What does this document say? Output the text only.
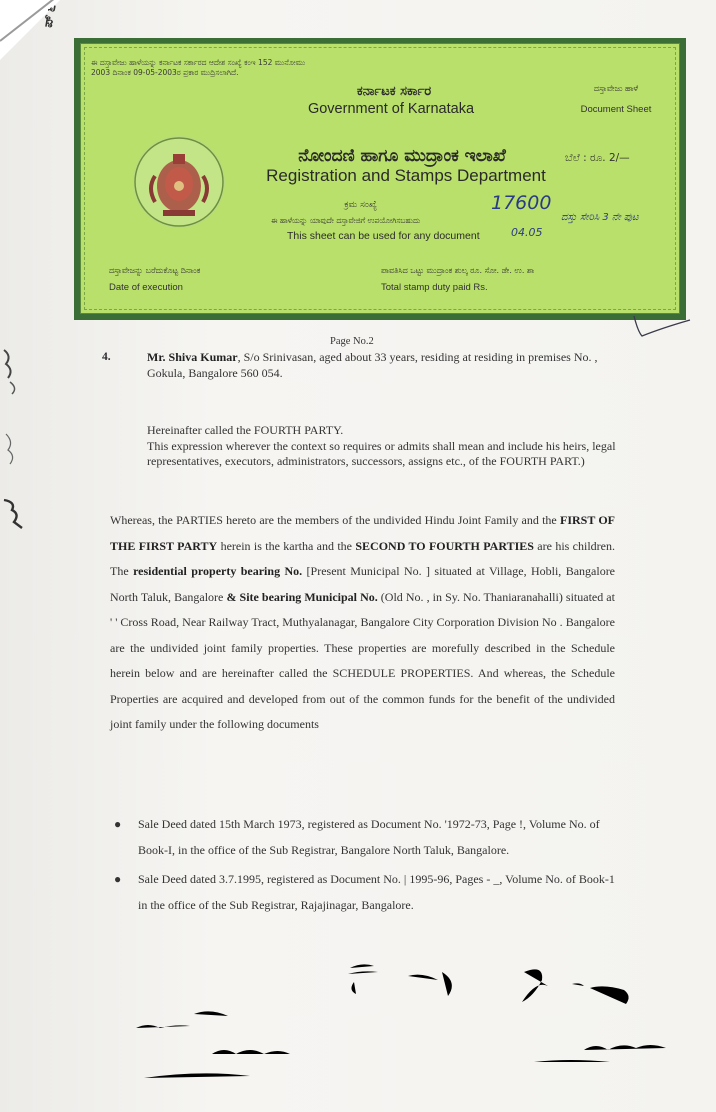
ಪ್ ೬
ಈ ದಸ್ತಾವೇಜು ಹಾಳೆಯನ್ನು ಕರ್ನಾಟಕ ಸರ್ಕಾರದ ಆದೇಶ ಸಂಖ್ಯೆ ಕಂಇ 152 ಮುನೋಮು 2003 ದಿನಾಂಕ 09-05-2003ರ ಪ್ರಕಾರ ಮುದ್ರಿಸಲಾಗಿದೆ.
ಕರ್ನಾಟಕ ಸರ್ಕಾರ
Government of Karnataka
ದಸ್ತಾವೇಜು ಹಾಳೆ
Document Sheet
ನೋಂದಣಿ ಹಾಗೂ ಮುದ್ರಾಂಕ ಇಲಾಖೆ
Registration and Stamps Department
ಬೆಲೆ : ರೂ. 2/—
ಕ್ರಮ ಸಂಖ್ಯೆ	17600
ದಸ್ತು ಸೇರಿಸಿ 3 ನೇ ಪುಟ
ಈ ಹಾಳೆಯನ್ನು ಯಾವುದೇ ದಸ್ತಾವೇಜಿಗೆ ಉಪಯೋಗಿಸಬಹುದು
This sheet can be used for any document	04.05
ದಸ್ತಾವೇಜನ್ನು ಬರೆದುಕೊಟ್ಟ ದಿನಾಂಕ
Date of execution
ಪಾವತಿಸಿದ ಒಟ್ಟು ಮುದ್ರಾಂಕ ಶುಲ್ಕ ರೂ. ಸೋ. ಡೇ. ಉ. ಶಾ
Total stamp duty paid Rs.
Page No.2
4.	Mr. Shiva Kumar, S/o Srinivasan, aged about 33 years, residing at residing in premises No. , Gokula, Bangalore 560 054.
Hereinafter called the FOURTH PARTY.
This expression wherever the context so requires or admits shall mean and include his heirs, legal representatives, executors, administrators, successors, assigns etc., of the FOURTH PART.)

Whereas, the PARTIES hereto are the members of the undivided Hindu Joint Family and the FIRST OF THE FIRST PARTY herein is the kartha and the SECOND TO FOURTH PARTIES are his children. The residential property bearing No. [Present Municipal No. ] situated at Village, Hobli, Bangalore North Taluk, Bangalore & Site bearing Municipal No. (Old No. , in Sy. No. Thaniaranahalli) situated at ' ' Cross Road, Near Railway Tract, Muthyalanagar, Bangalore City Corporation Division No . Bangalore are the undivided joint family properties. These properties are morefully described in the Schedule herein below and are hereinafter called the SCHEDULE PROPERTIES. And whereas, the Schedule Properties are acquired and developed from out of the common funds for the benefit of the undivided joint family under the following documents

● Sale Deed dated 15th March 1973, registered as Document No. '1972-73, Page !, Volume No. of Book-I, in the office of the Sub Registrar, Bangalore North Taluk, Bangalore.
● Sale Deed dated 3.7.1995, registered as Document No. | 1995-96, Pages - _, Volume No. of Book-1 in the office of the Sub Registrar, Rajajinagar, Bangalore.
